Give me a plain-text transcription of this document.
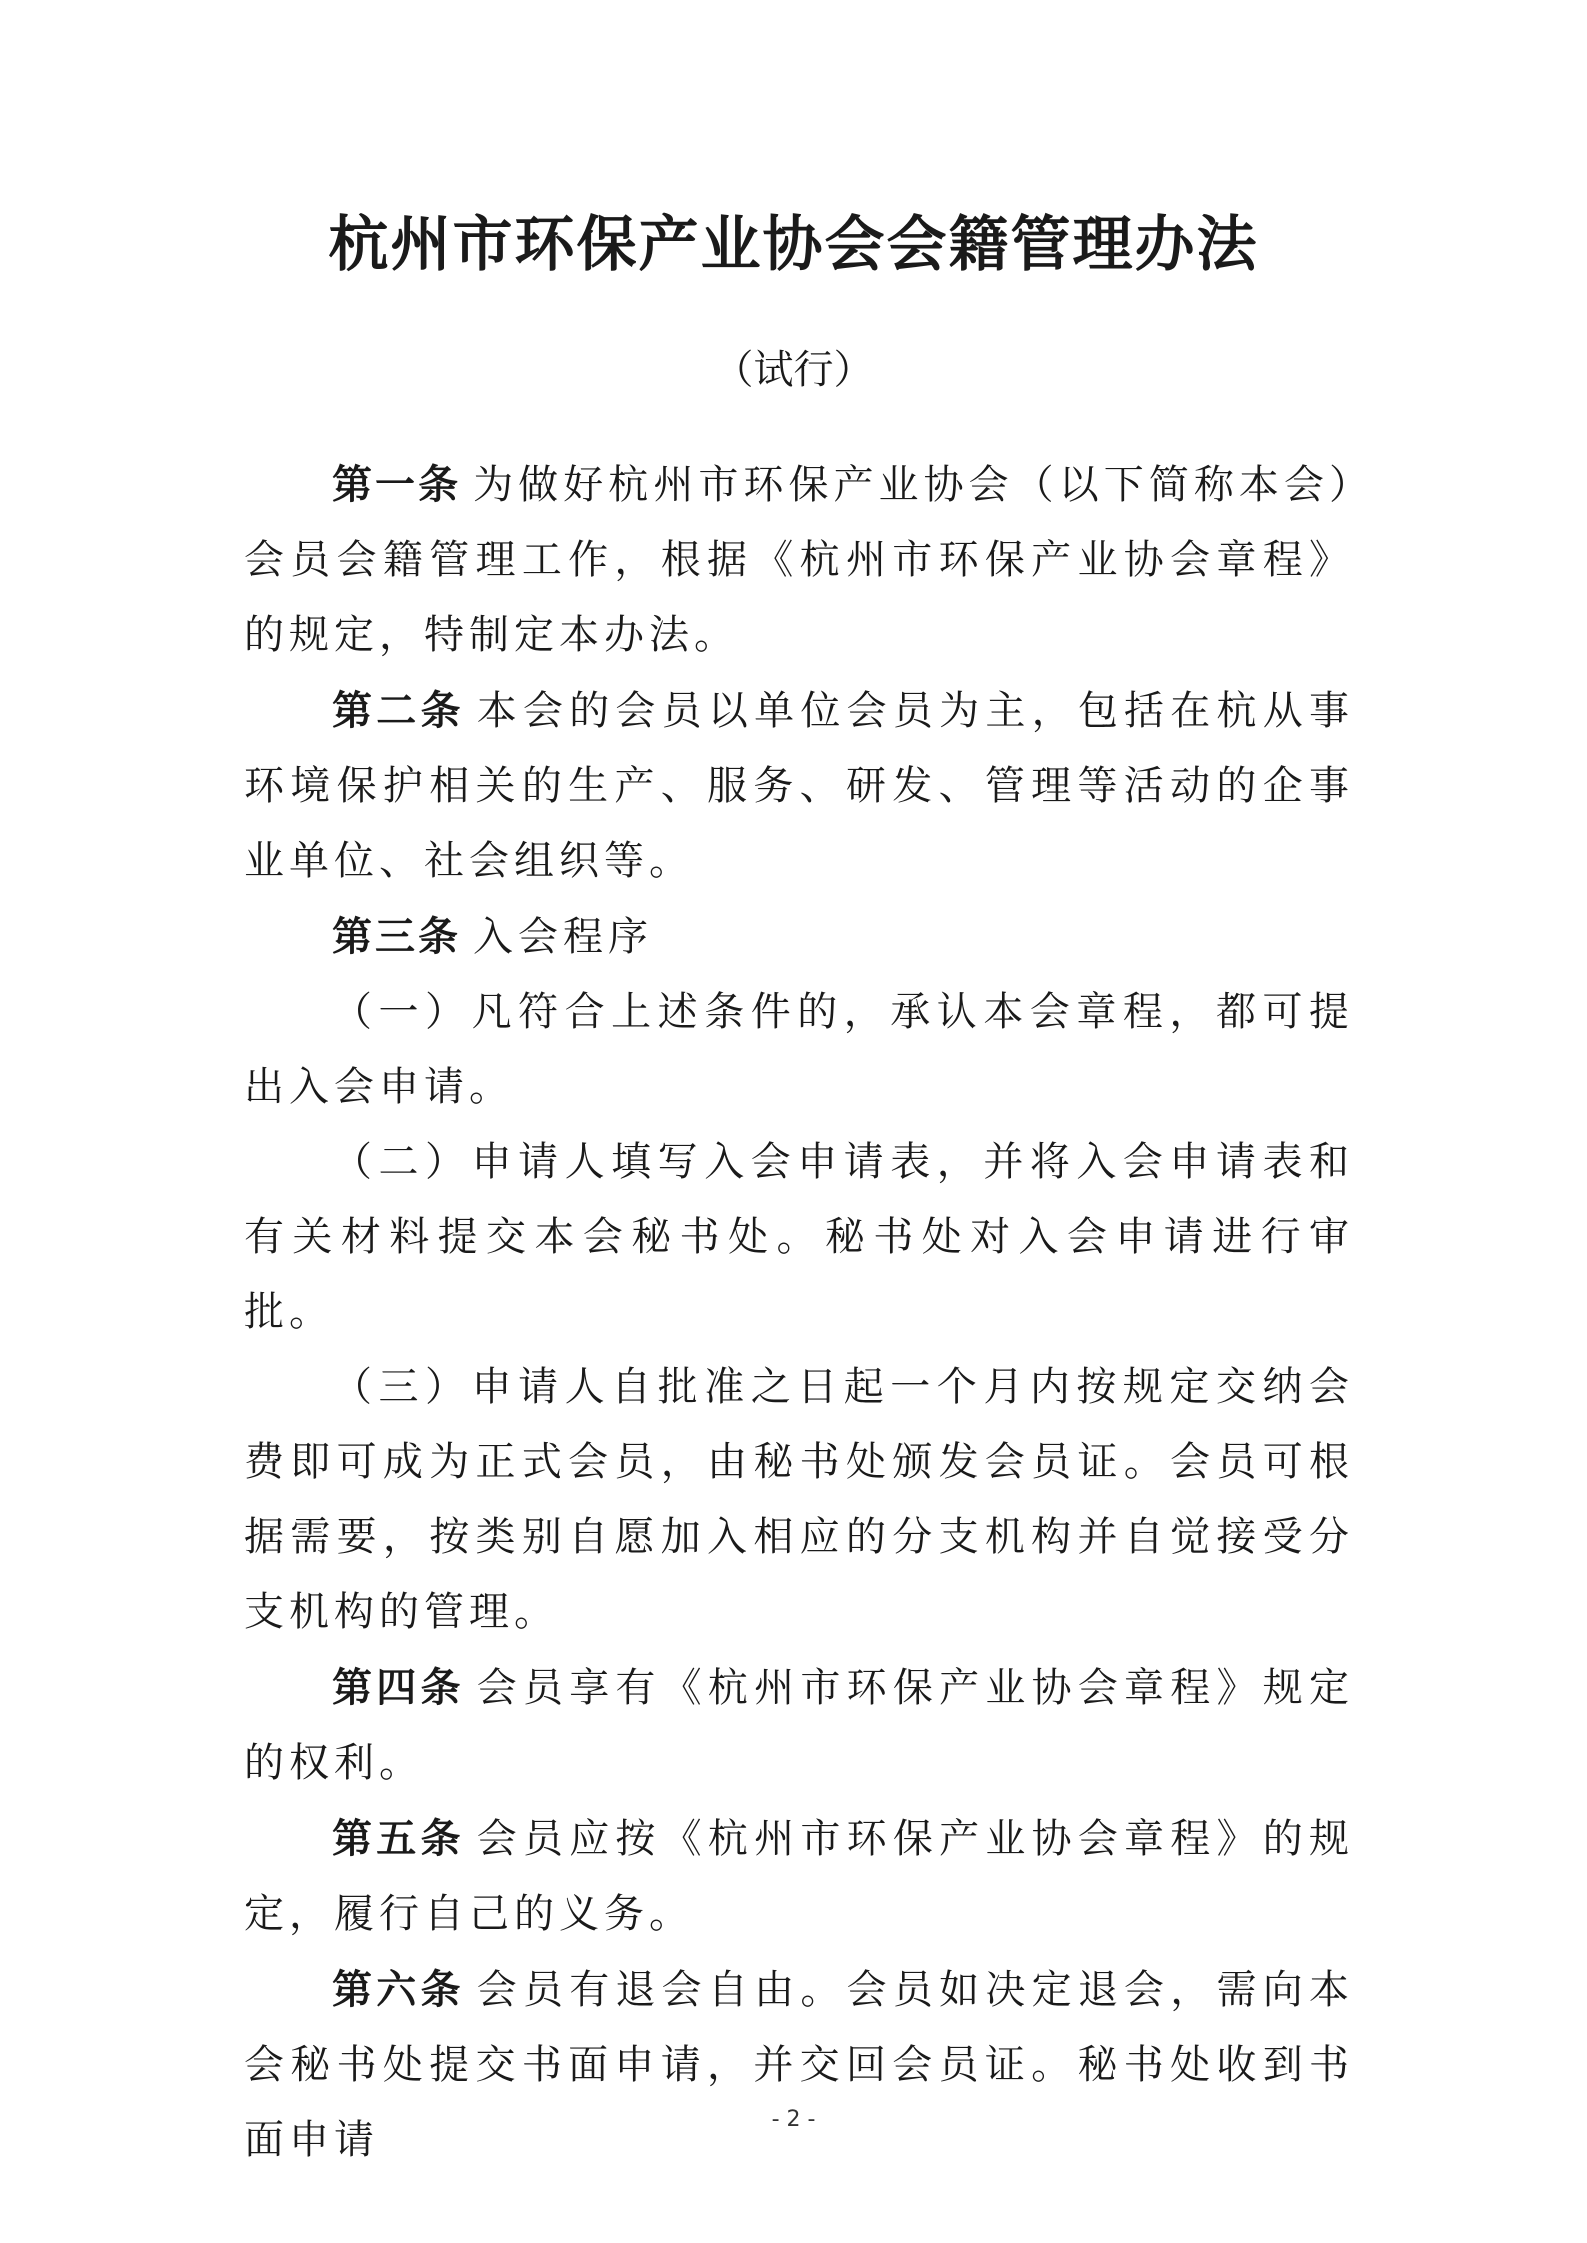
杭州市环保产业协会会籍管理办法
（试行）

第一条 为做好杭州市环保产业协会（以下简称本会）会员会籍管理工作，根据《杭州市环保产业协会章程》的规定，特制定本办法。

第二条 本会的会员以单位会员为主，包括在杭从事环境保护相关的生产、服务、研发、管理等活动的企事业单位、社会组织等。

第三条 入会程序

（一）凡符合上述条件的，承认本会章程，都可提出入会申请。

（二）申请人填写入会申请表，并将入会申请表和有关材料提交本会秘书处。秘书处对入会申请进行审批。

（三）申请人自批准之日起一个月内按规定交纳会费即可成为正式会员，由秘书处颁发会员证。会员可根据需要，按类别自愿加入相应的分支机构并自觉接受分支机构的管理。

第四条 会员享有《杭州市环保产业协会章程》规定的权利。

第五条 会员应按《杭州市环保产业协会章程》的规定，履行自己的义务。

第六条 会员有退会自由。会员如决定退会，需向本会秘书处提交书面申请，并交回会员证。秘书处收到书面申请	- 2 -
